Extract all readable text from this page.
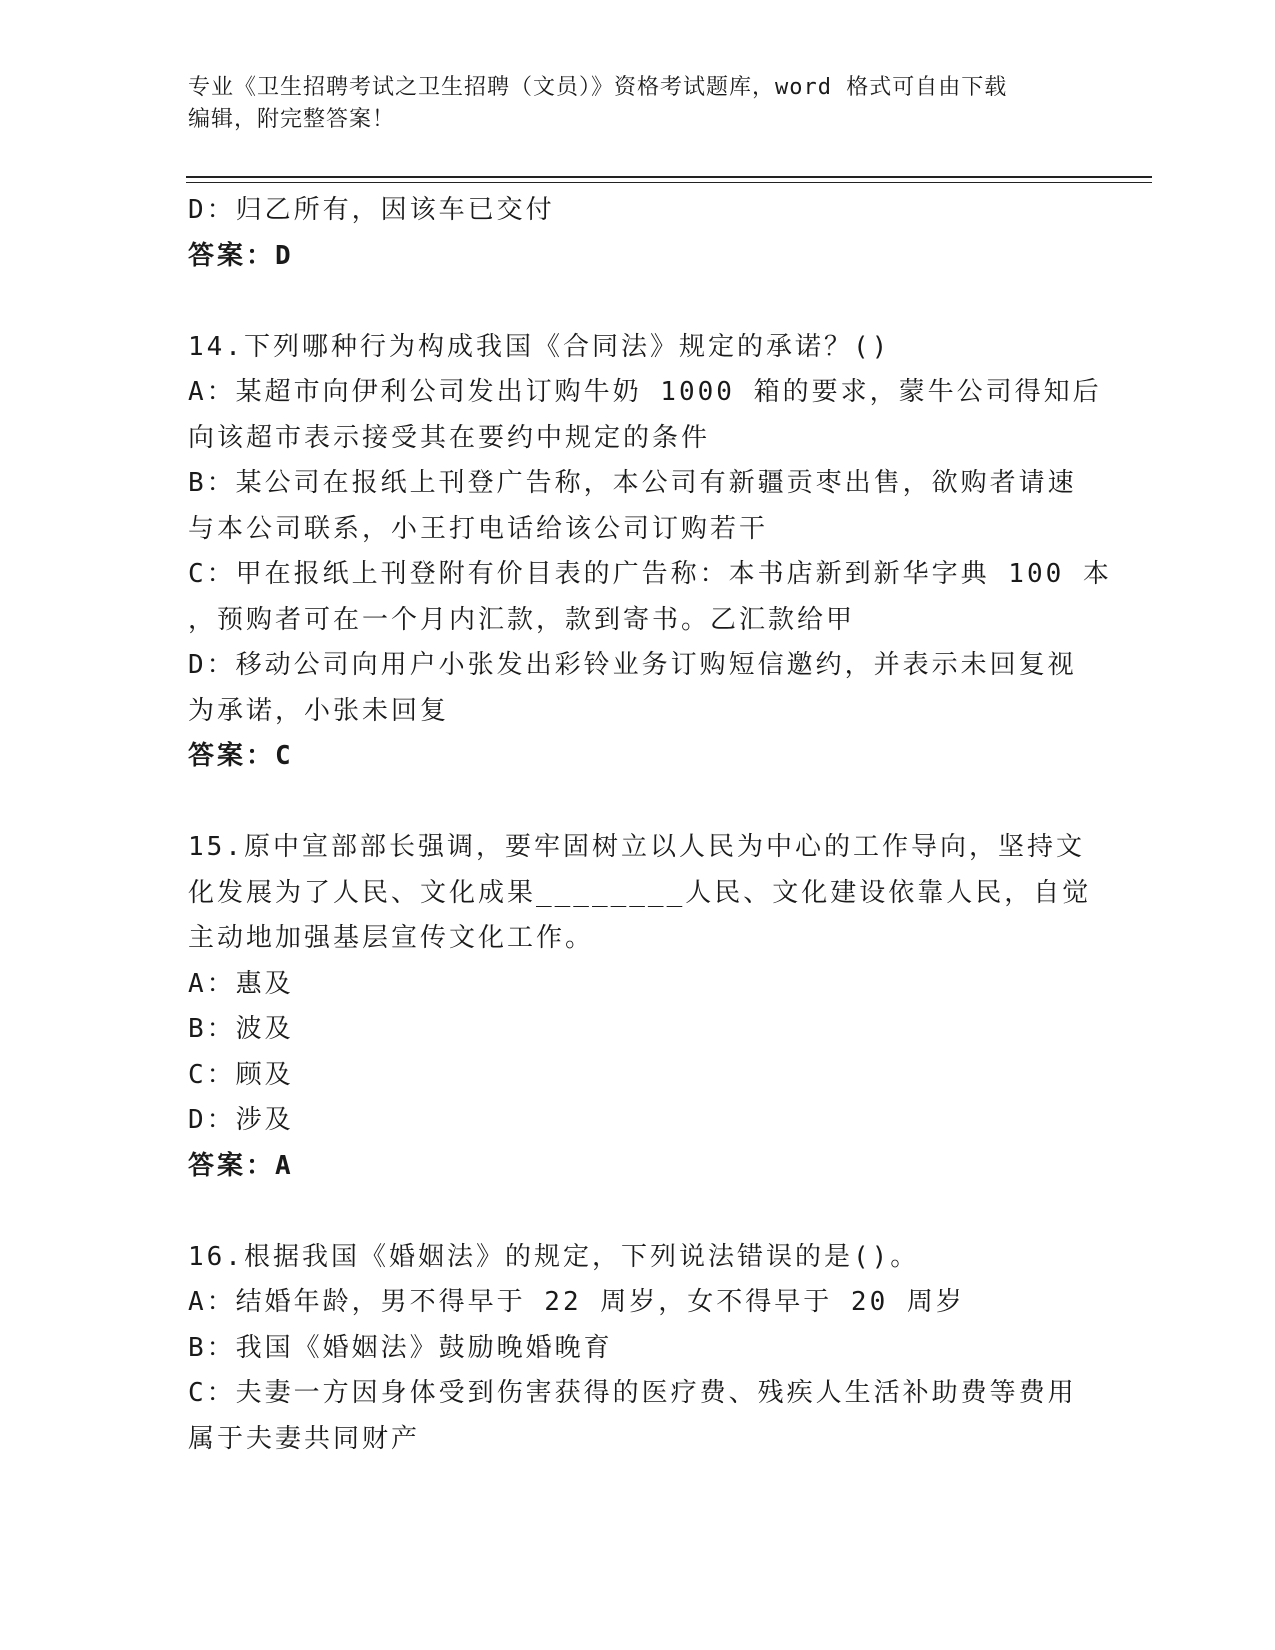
专业《卫生招聘考试之卫生招聘（文员）》资格考试题库，word 格式可自由下载
编辑，附完整答案！
D：归乙所有，因该车已交付
答案：D
14.下列哪种行为构成我国《合同法》规定的承诺？()
A：某超市向伊利公司发出订购牛奶 1000 箱的要求，蒙牛公司得知后
向该超市表示接受其在要约中规定的条件
B：某公司在报纸上刊登广告称，本公司有新疆贡枣出售，欲购者请速
与本公司联系，小王打电话给该公司订购若干
C：甲在报纸上刊登附有价目表的广告称：本书店新到新华字典 100 本
，预购者可在一个月内汇款，款到寄书。乙汇款给甲
D：移动公司向用户小张发出彩铃业务订购短信邀约，并表示未回复视
为承诺，小张未回复
答案：C
15.原中宣部部长强调，要牢固树立以人民为中心的工作导向，坚持文
化发展为了人民、文化成果________人民、文化建设依靠人民，自觉
主动地加强基层宣传文化工作。
A：惠及
B：波及
C：顾及
D：涉及
答案：A
16.根据我国《婚姻法》的规定，下列说法错误的是()。
A：结婚年龄，男不得早于 22 周岁，女不得早于 20 周岁
B：我国《婚姻法》鼓励晚婚晚育
C：夫妻一方因身体受到伤害获得的医疗费、残疾人生活补助费等费用
属于夫妻共同财产
